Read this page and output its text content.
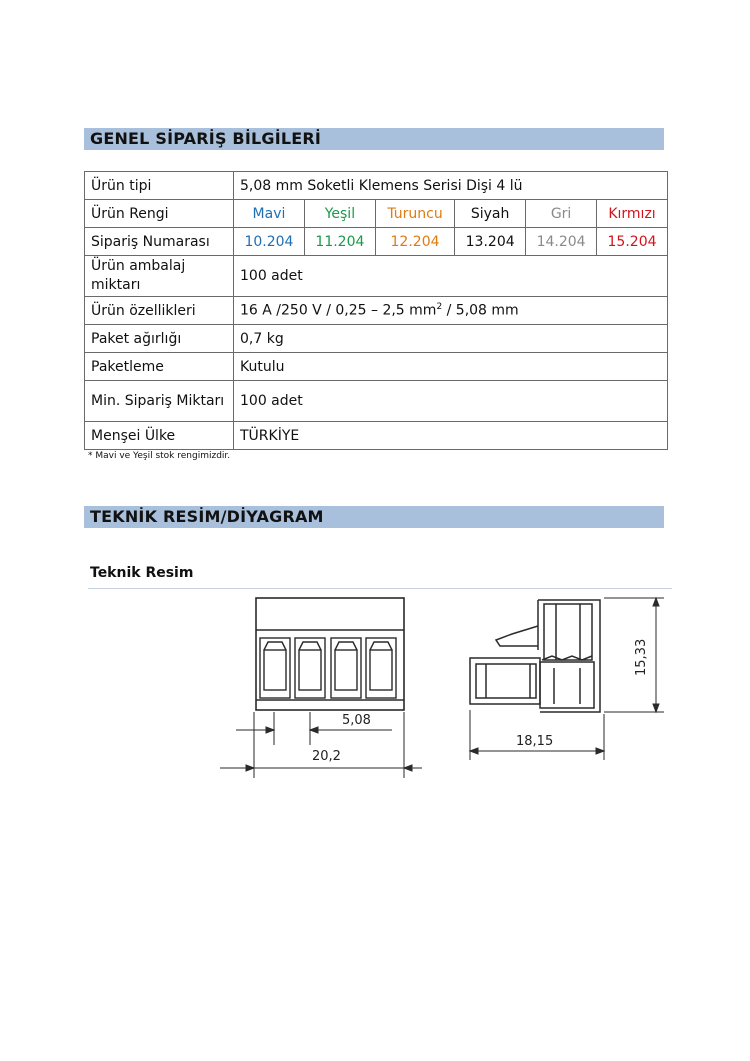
GENEL SİPARİŞ BİLGİLERİ
Ürün tipi	5,08 mm Soketli Klemens Serisi Dişi 4 lü					
Ürün Rengi	Mavi	Yeşil	Turuncu	Siyah	Gri	Kırmızı
Sipariş Numarası	10.204	11.204	12.204	13.204	14.204	15.204
Ürün ambalaj miktarı	100 adet					
Ürün özellikleri	16 A /250 V / 0,25 – 2,5 $mm^2 / 5,08$ mm					
Paket ağırlığı	0,7 kg					
Paketleme	Kutulu					
Min. Sipariş Miktarı	100 adet					
Menşei Ülke	TÜRKİYE					
* Mavi ve Yeşil stok rengimizdir.
TEKNİK RESİM/DİYAGRAM
Teknik Resim
5,08
20,2
18,15
15,33
